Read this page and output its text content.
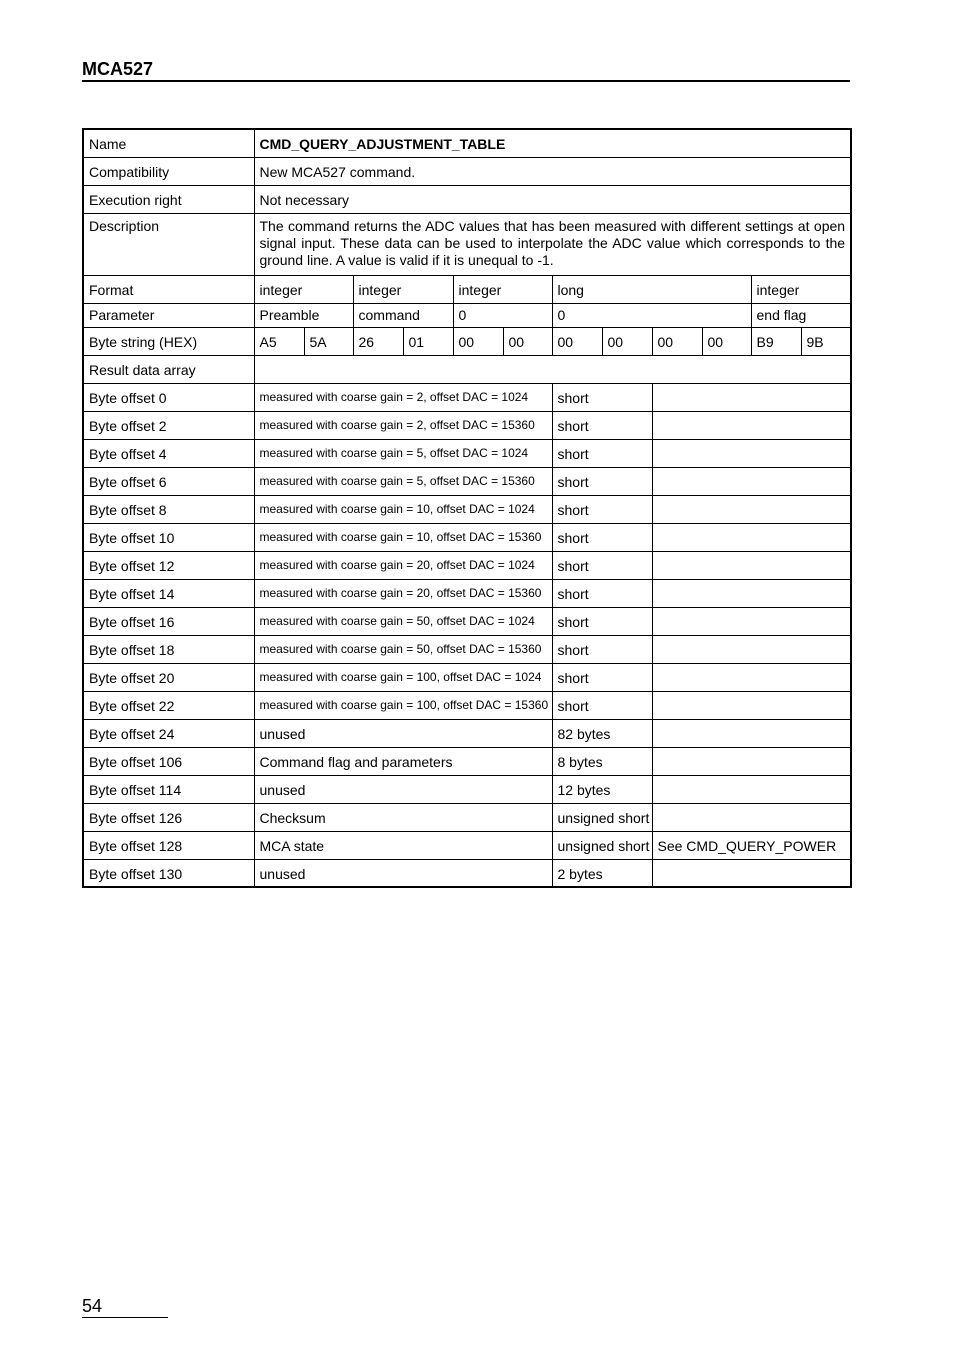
MCA527
Name	CMD_QUERY_ADJUSTMENT_TABLE											
Compatibility	New MCA527 command.											
Execution right	Not necessary											
Description	The command returns the ADC values that has been measured with different settings at open signal input. These data can be used to interpolate the ADC value which corresponds to the ground line. A value is valid if it is unequal to -1.											
Format	integer		integer		integer		long				integer	
Parameter	Preamble		command		0		0				end flag	
Byte string (HEX)	A5	5A	26	01	00	00	00	00	00	00	B9	9B
Result data array												
Byte offset 0	measured with coarse gain = 2, offset DAC = 1024						short					
Byte offset 2	measured with coarse gain = 2, offset DAC = 15360						short					
Byte offset 4	measured with coarse gain = 5, offset DAC = 1024						short					
Byte offset 6	measured with coarse gain = 5, offset DAC = 15360						short					
Byte offset 8	measured with coarse gain = 10, offset DAC = 1024						short					
Byte offset 10	measured with coarse gain = 10, offset DAC = 15360						short					
Byte offset 12	measured with coarse gain = 20, offset DAC = 1024						short					
Byte offset 14	measured with coarse gain = 20, offset DAC = 15360						short					
Byte offset 16	measured with coarse gain = 50, offset DAC = 1024						short					
Byte offset 18	measured with coarse gain = 50, offset DAC = 15360						short					
Byte offset 20	measured with coarse gain = 100, offset DAC = 1024						short					
Byte offset 22	measured with coarse gain = 100, offset DAC = 15360						short					
Byte offset 24	unused						82 bytes					
Byte offset 106	Command flag and parameters						8 bytes					
Byte offset 114	unused						12 bytes					
Byte offset 126	Checksum						unsigned short					
Byte offset 128	MCA state						unsigned short		See CMD_QUERY_POWER			
Byte offset 130	unused						2 bytes					
54
